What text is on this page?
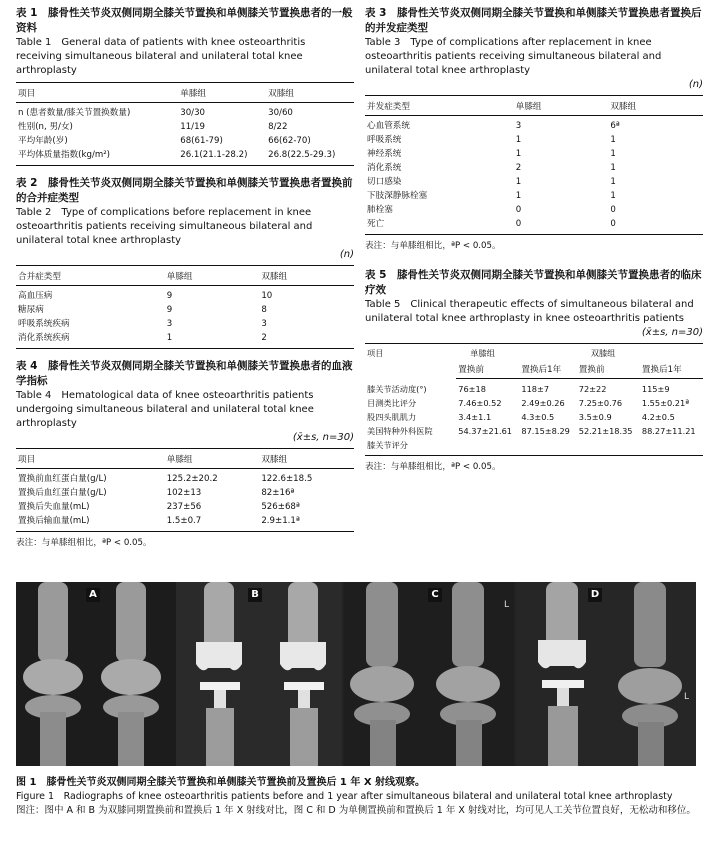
表 1　膝骨性关节炎双侧同期全膝关节置换和单侧膝关节置换患者的一般资料

Table 1　General data of patients with knee osteoarthritis receiving simultaneous bilateral and unilateral total knee arthroplasty

项目	单膝组	双膝组
n (患者数量/膝关节置换数量)	30/30	30/60
性别(n, 男/女)	11/19	8/22
平均年龄(岁)	68(61-79)	66(62-70)
平均体质量指数(kg/m²)	26.1(21.1-28.2)	26.8(22.5-29.3)

表 2　膝骨性关节炎双侧同期全膝关节置换和单侧膝关节置换患者置换前的合并症类型

Table 2　Type of complications before replacement in knee osteoarthritis patients receiving simultaneous bilateral and unilateral total knee arthroplasty

(n)

合并症类型	单膝组	双膝组
高血压病	9	10
糖尿病	9	8
呼吸系统疾病	3	3
消化系统疾病	1	2

表 4　膝骨性关节炎双侧同期全膝关节置换和单侧膝关节置换患者的血液学指标

Table 4　Hematological data of knee osteoarthritis patients undergoing simultaneous bilateral and unilateral total knee arthroplasty

(x̄±s, n=30)

项目	单膝组	双膝组
置换前血红蛋白量(g/L)	125.2±20.2	122.6±18.5
置换后血红蛋白量(g/L)	102±13	82±16ª
置换后失血量(mL)	237±56	526±68ª
置换后输血量(mL)	1.5±0.7	2.9±1.1ª

表注：与单膝组相比，ªP < 0.05。

表 3　膝骨性关节炎双侧同期全膝关节置换和单侧膝关节置换患者置换后的并发症类型

Table 3　Type of complications after replacement in knee osteoarthritis patients receiving simultaneous bilateral and unilateral total knee arthroplasty

(n)

并发症类型	单膝组	双膝组
心血管系统	3	6ª
呼吸系统	1	1
神经系统	1	1
消化系统	2	1
切口感染	1	1
下肢深静脉栓塞	1	1
肺栓塞	0	0
死亡	0	0

表注：与单膝组相比，ªP < 0.05。

表 5　膝骨性关节炎双侧同期全膝关节置换和单侧膝关节置换患者的临床疗效

Table 5　Clinical therapeutic effects of simultaneous bilateral and unilateral total knee arthroplasty in knee osteoarthritis patients

(x̄±s, n=30)

项目	单膝组		双膝组	
	置换前	置换后1年	置换前	置换后1年
膝关节活动度(°)	76±18	118±7	72±22	115±9
目测类比评分	7.46±0.52	2.49±0.26	7.25±0.76	1.55±0.21ª
股四头肌肌力	3.4±1.1	4.3±0.5	3.5±0.9	4.2±0.5
美国特种外科医院	54.37±21.61	87.15±8.29	52.21±18.35	88.27±11.21
膝关节评分				

表注：与单膝组相比，ªP < 0.05。

A	B	C
L
D
L

图 1　膝骨性关节炎双侧同期全膝关节置换和单侧膝关节置换前及置换后 1 年 X 射线观察。

Figure 1　Radiographs of knee osteoarthritis patients before and 1 year after simultaneous bilateral and unilateral total knee arthroplasty

图注：图中 A 和 B 为双膝同期置换前和置换后 1 年 X 射线对比，图 C 和 D 为单侧置换前和置换后 1 年 X 射线对比，均可见人工关节位置良好，无松动和移位。
